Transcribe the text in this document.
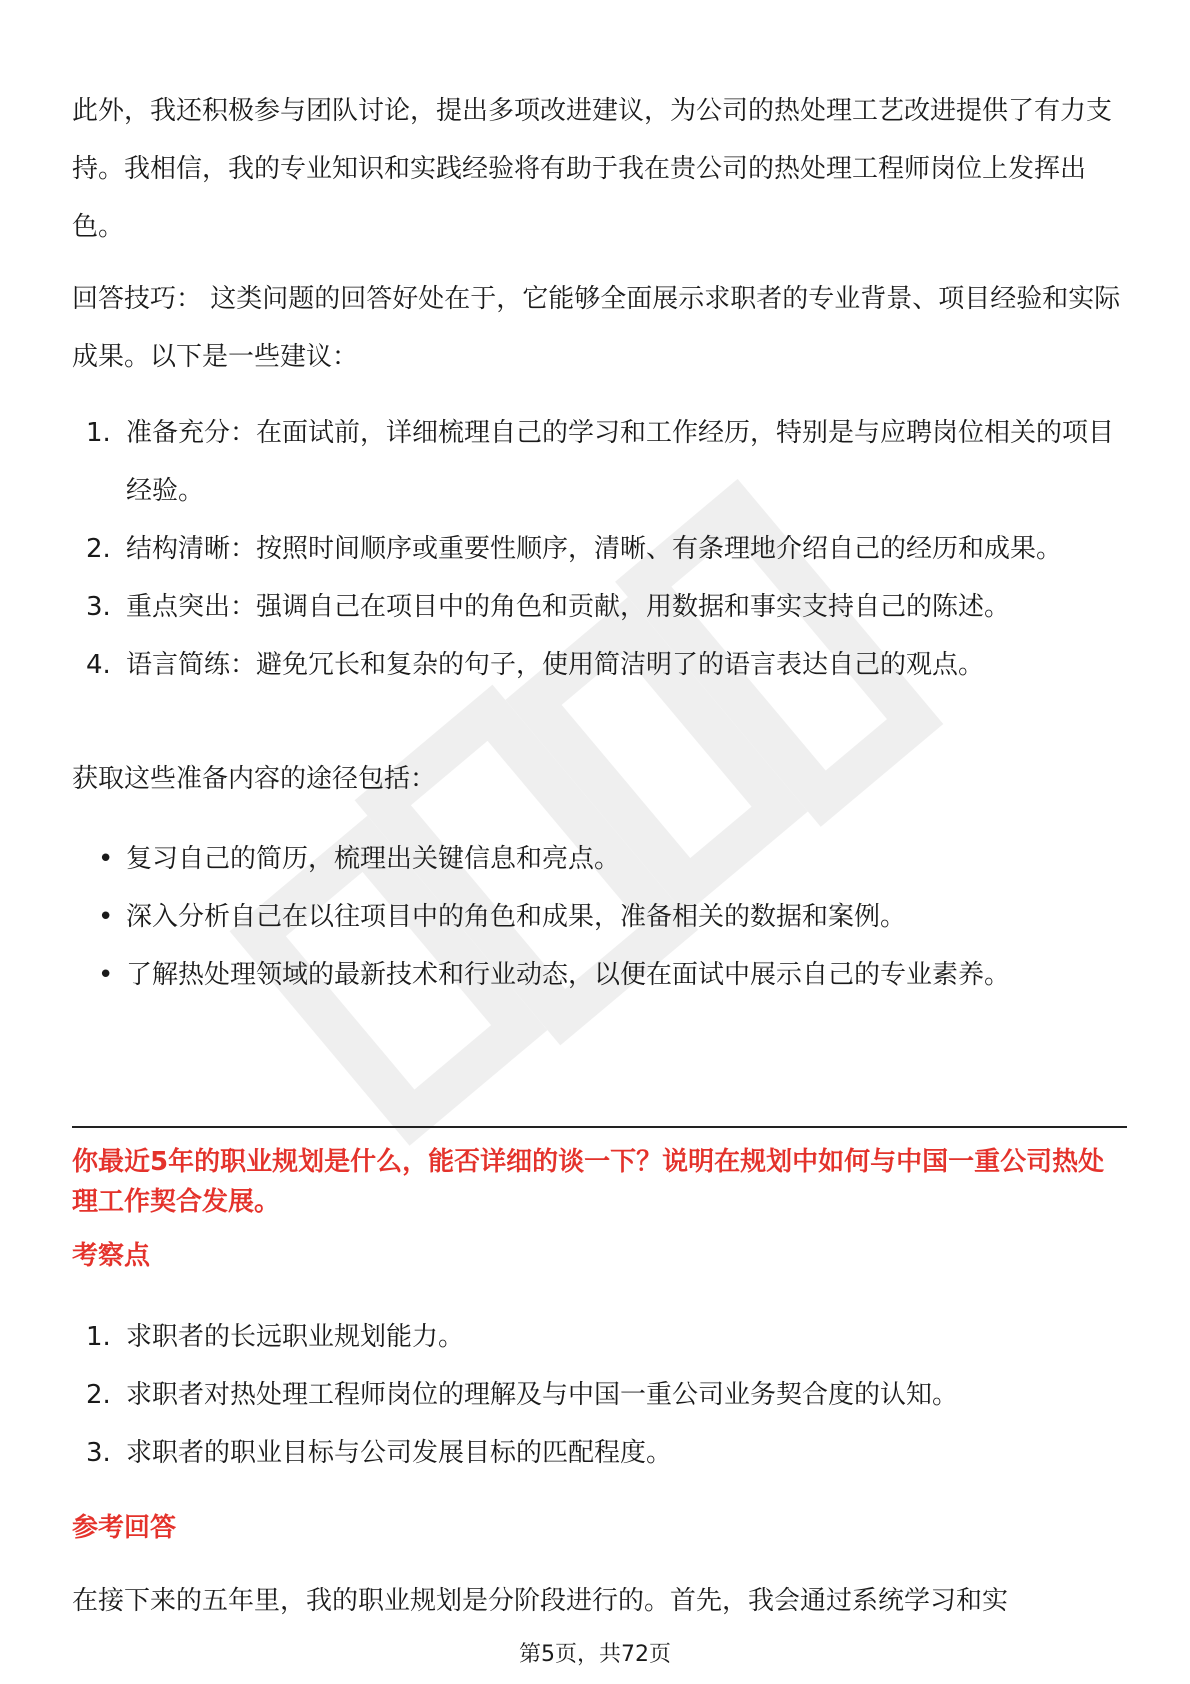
此外，我还积极参与团队讨论，提出多项改进建议，为公司的热处理工艺改进提供了有力支持。我相信，我的专业知识和实践经验将有助于我在贵公司的热处理工程师岗位上发挥出色。

回答技巧： 这类问题的回答好处在于，它能够全面展示求职者的专业背景、项目经验和实际成果。以下是一些建议：

1. 准备充分：在面试前，详细梳理自己的学习和工作经历，特别是与应聘岗位相关的项目经验。
2. 结构清晰：按照时间顺序或重要性顺序，清晰、有条理地介绍自己的经历和成果。
3. 重点突出：强调自己在项目中的角色和贡献，用数据和事实支持自己的陈述。
4. 语言简练：避免冗长和复杂的句子，使用简洁明了的语言表达自己的观点。

获取这些准备内容的途径包括：

• 复习自己的简历，梳理出关键信息和亮点。
• 深入分析自己在以往项目中的角色和成果，准备相关的数据和案例。
• 了解热处理领域的最新技术和行业动态，以便在面试中展示自己的专业素养。

你最近5年的职业规划是什么，能否详细的谈一下？说明在规划中如何与中国一重公司热处理工作契合发展。

考察点

1. 求职者的长远职业规划能力。
2. 求职者对热处理工程师岗位的理解及与中国一重公司业务契合度的认知。
3. 求职者的职业目标与公司发展目标的匹配程度。

参考回答

在接下来的五年里，我的职业规划是分阶段进行的。首先，我会通过系统学习和实

第5页，共72页
